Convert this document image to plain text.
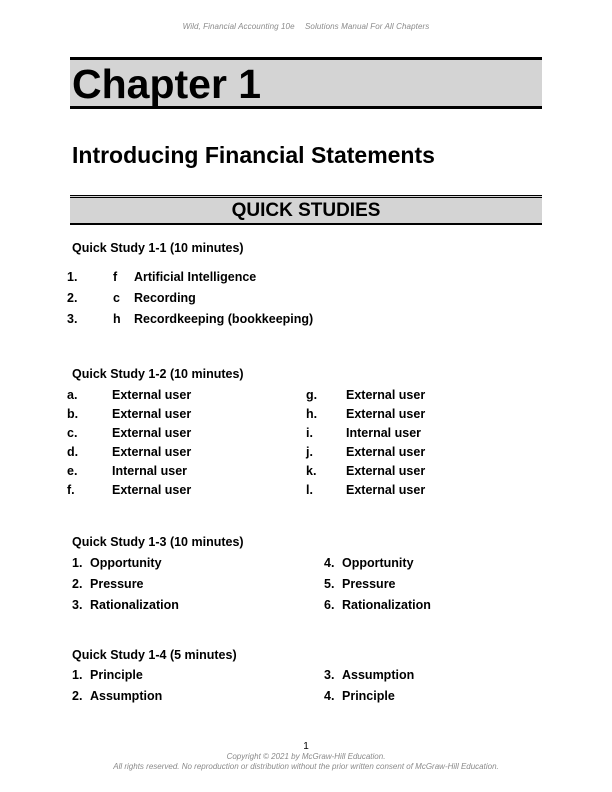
Wild, Financial Accounting 10e Solutions Manual For All Chapters
Chapter 1
Introducing Financial Statements
QUICK STUDIES
Quick Study 1-1 (10 minutes)
1.	f Artificial Intelligence
2.	c Recording
3.	h Recordkeeping (bookkeeping)
Quick Study 1-2 (10 minutes)
a.	External user	g. External user
b.	External user	h. External user
c.	External user	i.	Internal user
d.	External user	j.	External user
e.	Internal user	k. External user
f.	External user	l.	External user
Quick Study 1-3 (10 minutes)
1. Opportunity	4. Opportunity
2. Pressure	5. Pressure
3. Rationalization	6. Rationalization
Quick Study 1-4 (5 minutes)
1. Principle	3. Assumption
2. Assumption	4. Principle
1
Copyright © 2021 by McGraw-Hill Education.
All rights reserved. No reproduction or distribution without the prior written consent of McGraw-Hill Education.
